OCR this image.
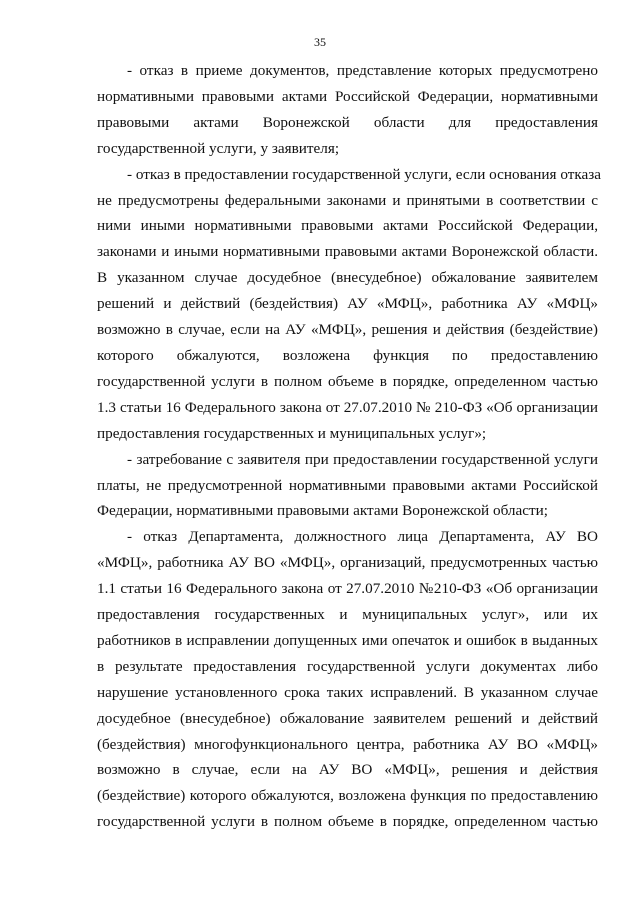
35

- отказ в приеме документов, представление которых предусмотрено
нормативными правовыми актами Российской Федерации, нормативными
правовыми актами Воронежской области для предоставления
государственной услуги, у заявителя;

- отказ в предоставлении государственной услуги, если основания отказа
не предусмотрены федеральными законами и принятыми в соответствии с
ними иными нормативными правовыми актами Российской Федерации,
законами и иными нормативными правовыми актами Воронежской области.
В указанном случае досудебное (внесудебное) обжалование заявителем
решений и действий (бездействия) АУ «МФЦ», работника АУ «МФЦ»
возможно в случае, если на АУ «МФЦ», решения и действия (бездействие)
которого обжалуются, возложена функция по предоставлению
государственной услуги в полном объеме в порядке, определенном частью
1.3 статьи 16 Федерального закона от 27.07.2010 № 210-ФЗ «Об организации
предоставления государственных и муниципальных услуг»;

- затребование с заявителя при предоставлении государственной услуги
платы, не предусмотренной нормативными правовыми актами Российской
Федерации, нормативными правовыми актами Воронежской области;

- отказ Департамента, должностного лица Департамента, АУ ВО
«МФЦ», работника АУ ВО «МФЦ», организаций, предусмотренных частью
1.1 статьи 16 Федерального закона от 27.07.2010 №210-ФЗ «Об организации
предоставления государственных и муниципальных услуг», или их
работников в исправлении допущенных ими опечаток и ошибок в выданных
в результате предоставления государственной услуги документах либо
нарушение установленного срока таких исправлений. В указанном случае
досудебное (внесудебное) обжалование заявителем решений и действий
(бездействия) многофункционального центра, работника АУ ВО «МФЦ»
возможно в случае, если на АУ ВО «МФЦ», решения и действия
(бездействие) которого обжалуются, возложена функция по предоставлению
государственной услуги в полном объеме в порядке, определенном частью
